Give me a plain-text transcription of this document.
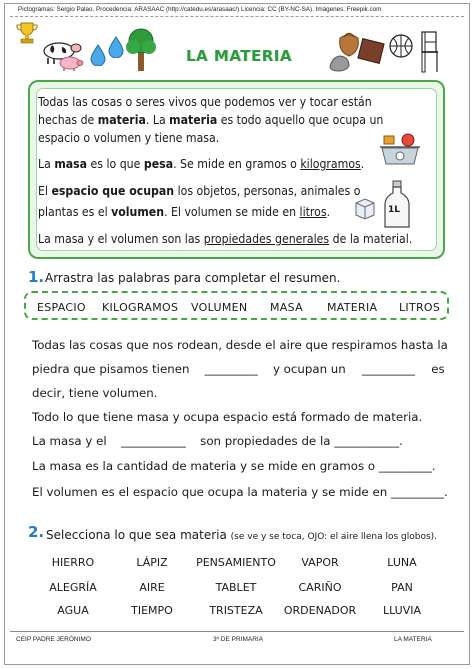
Pictogramas: Sergio Palao. Procedencia: ARASAAC (http://catedu.es/arasaac/) Licencia: CC (BY-NC-SA). Imágenes: Freepik.com
LA MATERIA
Todas las cosas o seres vivos que podemos ver y tocar están
hechas de materia. La materia es todo aquello que ocupa un
espacio o volumen y tiene masa.
La masa es lo que pesa. Se mide en gramos o kilogramos.
El espacio que ocupan los objetos, personas, animales o
plantas es el volumen. El volumen se mide en litros.
La masa y el volumen son las propiedades generales de la material.
1L
1. Arrastra las palabras para completar el resumen.
ESPACIO KILOGRAMOS VOLUMEN MASA MATERIA LITROS
Todas las cosas que nos rodean, desde el aire que respiramos hasta la
piedra que pisamos tienen _________ y ocupan un _________ es
decir, tiene volumen.
Todo lo que tiene masa y ocupa espacio está formado de materia.
La masa y el ___________ son propiedades de la ___________.
La masa es la cantidad de materia y se mide en gramos o _________.
El volumen es el espacio que ocupa la materia y se mide en _________.
2. Selecciona lo que sea materia (se ve y se toca, OJO: el aire llena los globos).
HIERRO	LÁPIZ	PENSAMIENTO	VAPOR	LUNA
ALEGRÍA	AIRE	TABLET	CARIÑO	PAN
AGUA	TIEMPO	TRISTEZA	ORDENADOR	LLUVIA
CEIP PADRE JERÓNIMO	3º DE PRIMARIA	LA MATERIA
